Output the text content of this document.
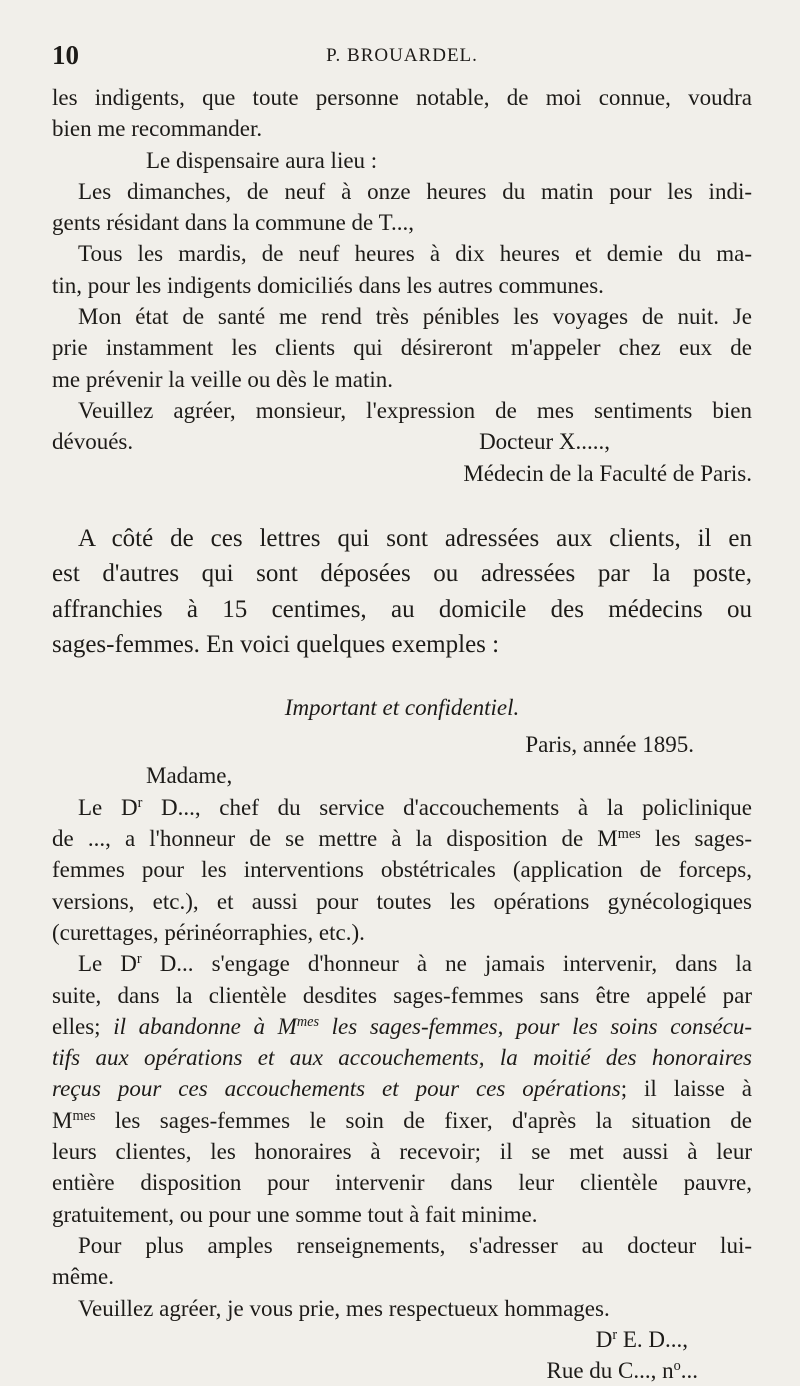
10	P. BROUARDEL.
les indigents, que toute personne notable, de moi connue, voudra
bien me recommander.
Le dispensaire aura lieu :
Les dimanches, de neuf à onze heures du matin pour les indi-
gents résidant dans la commune de T...,
Tous les mardis, de neuf heures à dix heures et demie du ma-
tin, pour les indigents domiciliés dans les autres communes.
Mon état de santé me rend très pénibles les voyages de nuit. Je
prie instamment les clients qui désireront m'appeler chez eux de
me prévenir la veille ou dès le matin.
Veuillez agréer, monsieur, l'expression de mes sentiments bien
dévoués.	Docteur X.....,
Médecin de la Faculté de Paris.
A côté de ces lettres qui sont adressées aux clients, il en
est d'autres qui sont déposées ou adressées par la poste,
affranchies à 15 centimes, au domicile des médecins ou
sages-femmes. En voici quelques exemples :
Important et confidentiel.
Paris, année 1895.
Madame,
Le $D^r$ D..., chef du service d'accouchements à la policlinique
de ..., a l'honneur de se mettre à la disposition de $M^{mes}$ les sages-
femmes pour les interventions obstétricales (application de forceps,
versions, etc.), et aussi pour toutes les opérations gynécologiques
(curettages, périnéorraphies, etc.).
Le $D^r$ D... s'engage d'honneur à ne jamais intervenir, dans la
suite, dans la clientèle desdites sages-femmes sans être appelé par
elles; il abandonne à $M^{mes}$ les sages-femmes, pour les soins consécu-
tifs aux opérations et aux accouchements, la moitié des honoraires
reçus pour ces accouchements et pour ces opérations; il laisse à
$M^{mes}$ les sages-femmes le soin de fixer, d'après la situation de
leurs clientes, les honoraires à recevoir; il se met aussi à leur
entière disposition pour intervenir dans leur clientèle pauvre,
gratuitement, ou pour une somme tout à fait minime.
Pour plus amples renseignements, s'adresser au docteur lui-
même.
Veuillez agréer, je vous prie, mes respectueux hommages.
$D^r$ E. D...,
Rue du C..., $n^o$...
